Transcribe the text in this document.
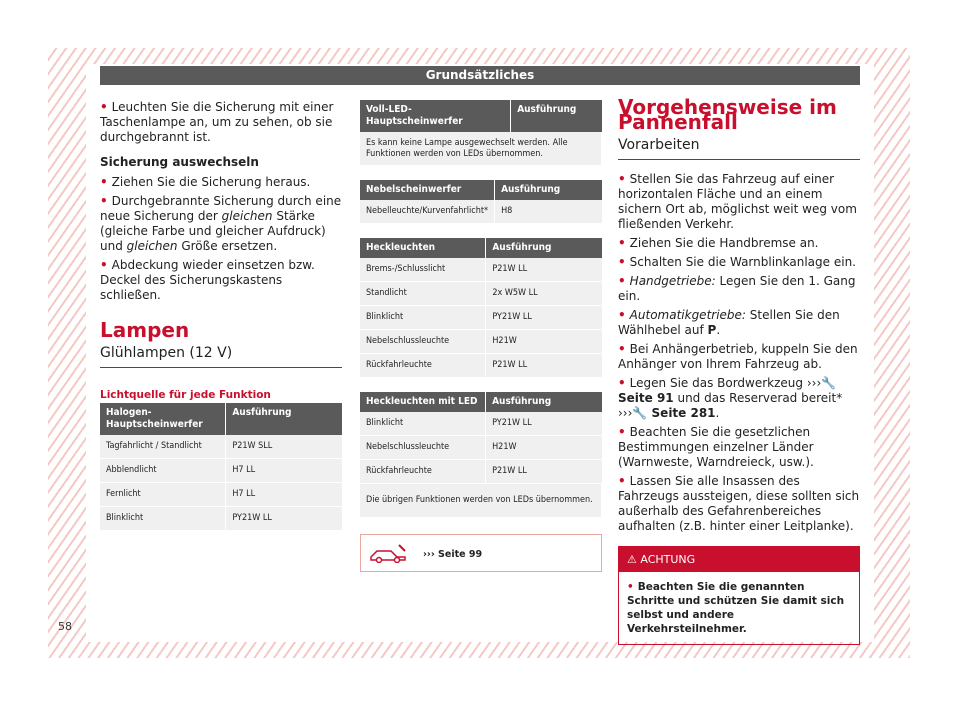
Grundsätzliches

• Leuchten Sie die Sicherung mit einer Taschenlampe an, um zu sehen, ob sie durchgebrannt ist.

Sicherung auswechseln

• Ziehen Sie die Sicherung heraus.

• Durchgebrannte Sicherung durch eine neue Sicherung der gleichen Stärke (gleiche Farbe und gleicher Aufdruck) und gleichen Größe ersetzen.

• Abdeckung wieder einsetzen bzw. Deckel des Sicherungskastens schließen.

Lampen
Glühlampen (12 V)
Lichtquelle für jede Funktion
Halogen-Hauptscheinwerfer	Ausführung
Tagfahrlicht / Standlicht	P21W SLL
Abblendlicht	H7 LL
Fernlicht	H7 LL
Blinklicht	PY21W LL
Voll-LED-Hauptscheinwerfer	Ausführung
Es kann keine Lampe ausgewechselt werden. Alle Funktionen werden von LEDs übernommen.
Nebelscheinwerfer	Ausführung
Nebelleuchte/Kurvenfahrlicht*	H8
Heckleuchten	Ausführung
Brems-/Schlusslicht	P21W LL
Standlicht	2x W5W LL
Blinklicht	PY21W LL
Nebelschlussleuchte	H21W
Rückfahrleuchte	P21W LL
Heckleuchten mit LED	Ausführung
Blinklicht	PY21W LL
Nebelschlussleuchte	H21W
Rückfahrleuchte	P21W LL
Die übrigen Funktionen werden von LEDs übernommen.	
››› Seite 99
Vorgehensweise im Pannenfall
Vorarbeiten

• Stellen Sie das Fahrzeug auf einer horizontalen Fläche und an einem sichern Ort ab, möglichst weit weg vom fließenden Verkehr.

• Ziehen Sie die Handbremse an.

• Schalten Sie die Warnblinkanlage ein.

• Handgetriebe: Legen Sie den 1. Gang ein.

• Automatikgetriebe: Stellen Sie den Wählhebel auf P.

• Bei Anhängerbetrieb, kuppeln Sie den Anhänger von Ihrem Fahrzeug ab.

• Legen Sie das Bordwerkzeug ›››🔧 Seite 91 und das Reserverad bereit* ›››🔧 Seite 281.

• Beachten Sie die gesetzlichen Bestimmungen einzelner Länder (Warnweste, Warndreieck, usw.).

• Lassen Sie alle Insassen des Fahrzeugs aussteigen, diese sollten sich außerhalb des Gefahrenbereiches aufhalten (z.B. hinter einer Leitplanke).

⚠ ACHTUNG
• Beachten Sie die genannten Schritte und schützen Sie damit sich selbst und andere Verkehrsteilnehmer.
58
